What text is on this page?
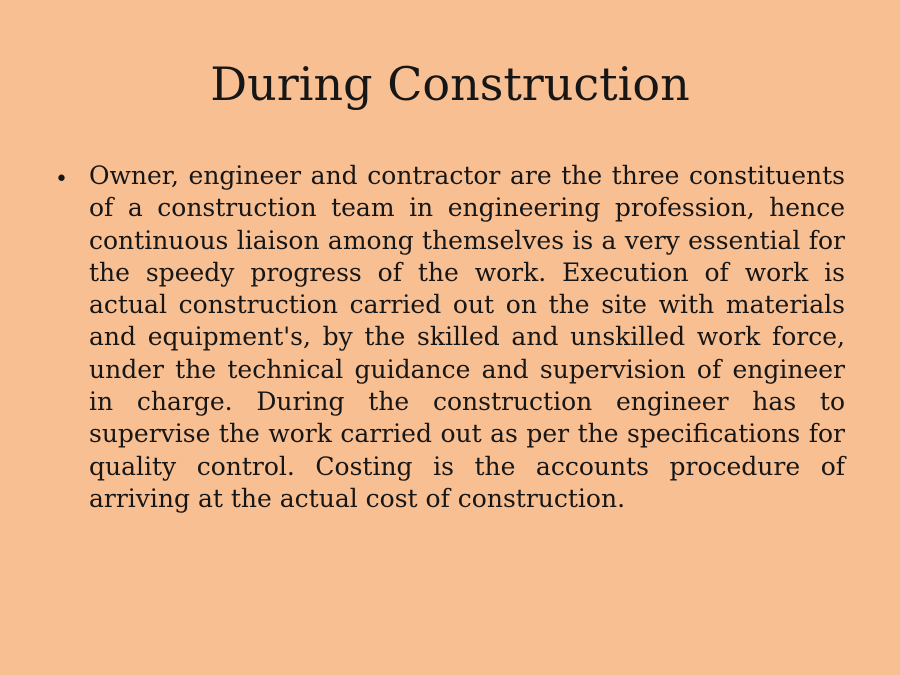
During Construction
• Owner, engineer and contractor are the three constituents of a construction team in engineering profession, hence continuous liaison among themselves is a very essential for the speedy progress of the work. Execution of work is actual construction carried out on the site with materials and equipment's, by the skilled and unskilled work force, under the technical guidance and supervision of engineer in charge. During the construction engineer has to supervise the work carried out as per the specifications for quality control. Costing is the accounts procedure of arriving at the actual cost of construction.
